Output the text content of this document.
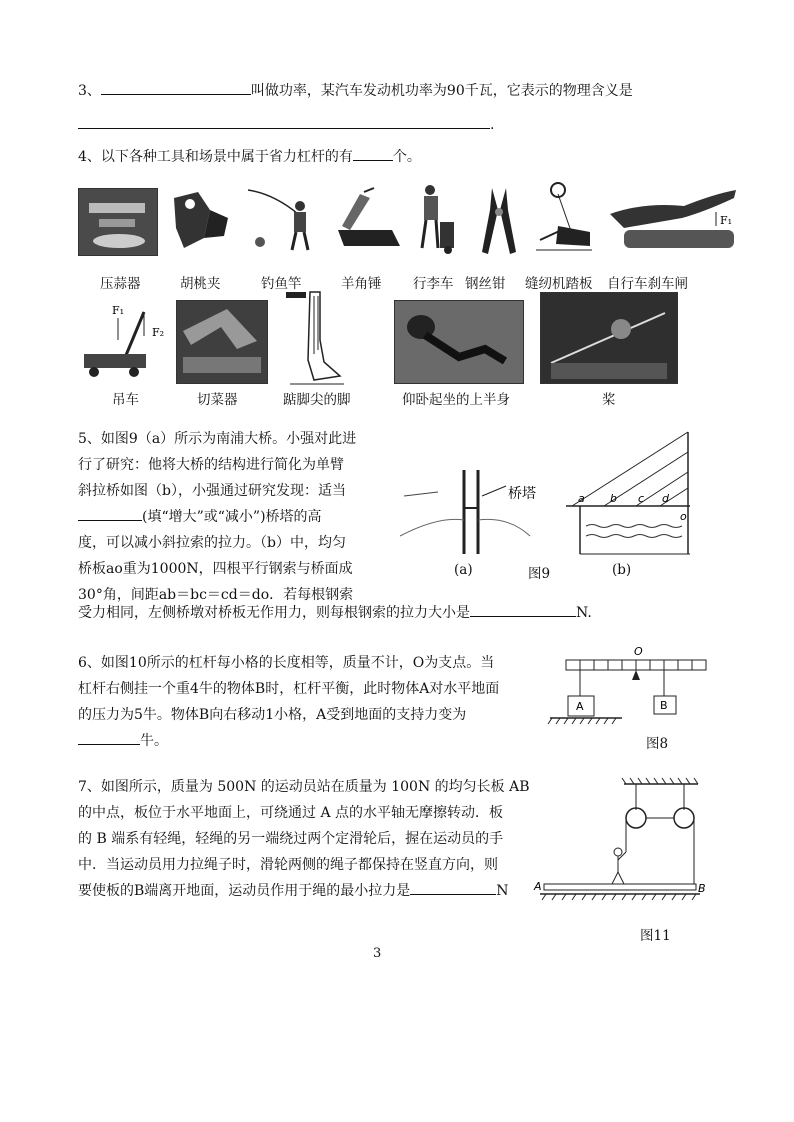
3、	叫做功率，某汽车发动机功率为90千瓦，它表示的物理含义是
.
4、以下各种工具和场景中属于省力杠杆的有	个。
F₁
压蒜器	胡桃夹	钓鱼竿	羊角锤 行李车 钢丝钳 缝纫机踏板 自行车刹车闸
F₁
F₂
吊车	切菜器	踮脚尖的脚	仰卧起坐的上半身	桨
5、如图9（a）所示为南浦大桥。小强对此进
行了研究：他将大桥的结构进行简化为单臂
斜拉桥如图（b），小强通过研究发现：适当
(填“增大”或“减小”)桥塔的高
度，可以减小斜拉索的拉力。（b）中，均匀
桥板ao重为1000N，四根平行钢索与桥面成
30°角，间距ab＝bc＝cd＝do．若每根钢索
受力相同，左侧桥墩对桥板无作用力，则每根钢索的拉力大小是	N.
桥塔
(a)	图9	(b)
a b c d
o
6、如图10所示的杠杆每小格的长度相等，质量不计，O为支点。当
杠杆右侧挂一个重4牛的物体B时，杠杆平衡，此时物体A对水平地面
的压力为5牛。物体B向右移动1小格，A受到地面的支持力变为
牛。
O
A	B
图8
7、如图所示，质量为 500N 的运动员站在质量为 100N 的均匀长板 AB
的中点，板位于水平地面上，可绕通过 A 点的水平轴无摩擦转动．板
的 B 端系有轻绳，轻绳的另一端绕过两个定滑轮后，握在运动员的手
中．当运动员用力拉绳子时，滑轮两侧的绳子都保持在竖直方向，则
要使板的B端离开地面，运动员作用于绳的最小拉力是	N A	B
图11
3
